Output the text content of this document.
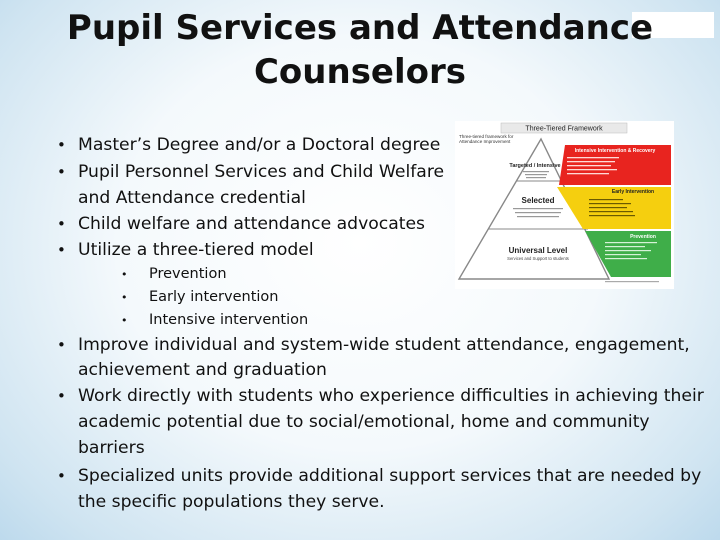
Pupil Services and Attendance
Counselors
• Master’s Degree and/or a Doctoral degree
• Pupil Personnel Services and Child Welfare
and Attendance credential
• Child welfare and attendance advocates
• Utilize a three-tiered model
• Prevention
• Early intervention
• Intensive intervention
• Improve individual and system-wide student attendance, engagement,
achievement and graduation
• Work directly with students who experience difficulties in achieving their
academic potential due to social/emotional, home and community
barriers
• Specialized units provide additional support services that are needed by
the specific populations they serve.
Three-Tiered Framework
Three-tiered framework for Attendance Improvement
Targeted / Intensive
Selected
Universal Level
Services and Support to students
Intensive Intervention & Recovery
Early Intervention
Prevention
